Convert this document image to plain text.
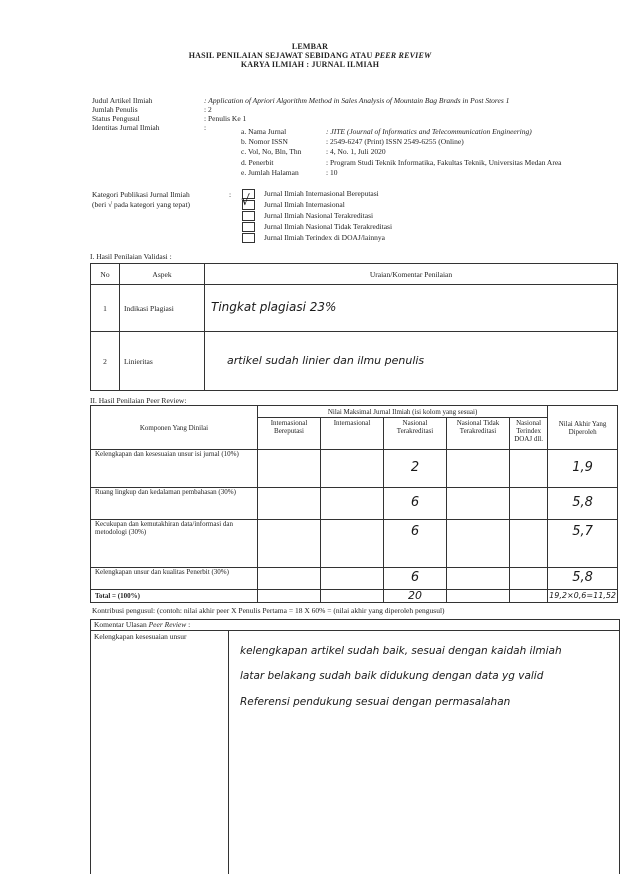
LEMBAR
HASIL PENILAIAN SEJAWAT SEBIDANG ATAU PEER REVIEW
KARYA ILMIAH : JURNAL ILMIAH
Judul Artikel Ilmiah	: Application of Apriori Algorithm Method in Sales Analysis of Mountain Bag Brands in Post Stores 1
Jumlah Penulis	: 2
Status Pengusul	: Penulis Ke 1
Identitas Jurnal Ilmiah	:	a. Nama Jurnal	: JITE (Journal of Informatics and Telecommunication Engineering)
b. Nomor ISSN	: 2549-6247 (Print) ISSN 2549-6255 (Online)
c. Vol, No, Bln, Thn	: 4, No. 1, Juli 2020
d. Penerbit	: Program Studi Teknik Informatika, Fakultas Teknik, Universitas Medan Area
e. Jumlah Halaman	: 10
Kategori Publikasi Jurnal Ilmiah
(beri √ pada kategori yang tepat)
:	Jurnal Ilmiah Internasional Bereputasi
√ Jurnal Ilmiah Internasional
Jurnal Ilmiah Nasional Terakreditasi
Jurnal Ilmiah Nasional Tidak Terakreditasi
Jurnal Ilmiah Terindex di DOAJ/lainnya
I. Hasil Penilaian Validasi :
No	Aspek	Uraian/Komentar Penilaian
1	Indikasi Plagiasi	Tingkat plagiasi 23%
2	Linieritas	artikel sudah linier dan ilmu penulis
II. Hasil Penilaian Peer Review:
Komponen Yang Dinilai	Nilai Maksimal Jurnal Ilmiah (isi kolom yang sesuai)					Nilai Akhir Yang Diperoleh
	Internasional Bereputasi	Internasional	Nasional Terakreditasi	Nasional Tidak Terakreditasi	Nasional Terindex DOAJ dll.	
Kelengkapan dan kesesuaian unsur isi jurnal (10%)			2			1,9
Ruang lingkup dan kedalaman pembahasan (30%)			6			5,8
Kecukupan dan kemutakhiran data/informasi dan metodologi (30%)			6			5,7
Kelengkapan unsur dan kualitas Penerbit (30%)			6			5,8
Total = (100%)			20			19,2×0,6=11,52
Kontribusi pengusul: (contoh: nilai akhir peer X Penulis Pertama = 18 X 60% = (nilai akhir yang diperoleh pengusul)
Komentar Ulasan Peer Review :
Kelengkapan kesesuaian unsur
kelengkapan artikel sudah baik, sesuai dengan kaidah ilmiah
latar belakang sudah baik didukung dengan data yg valid
Referensi pendukung sesuai dengan permasalahan
